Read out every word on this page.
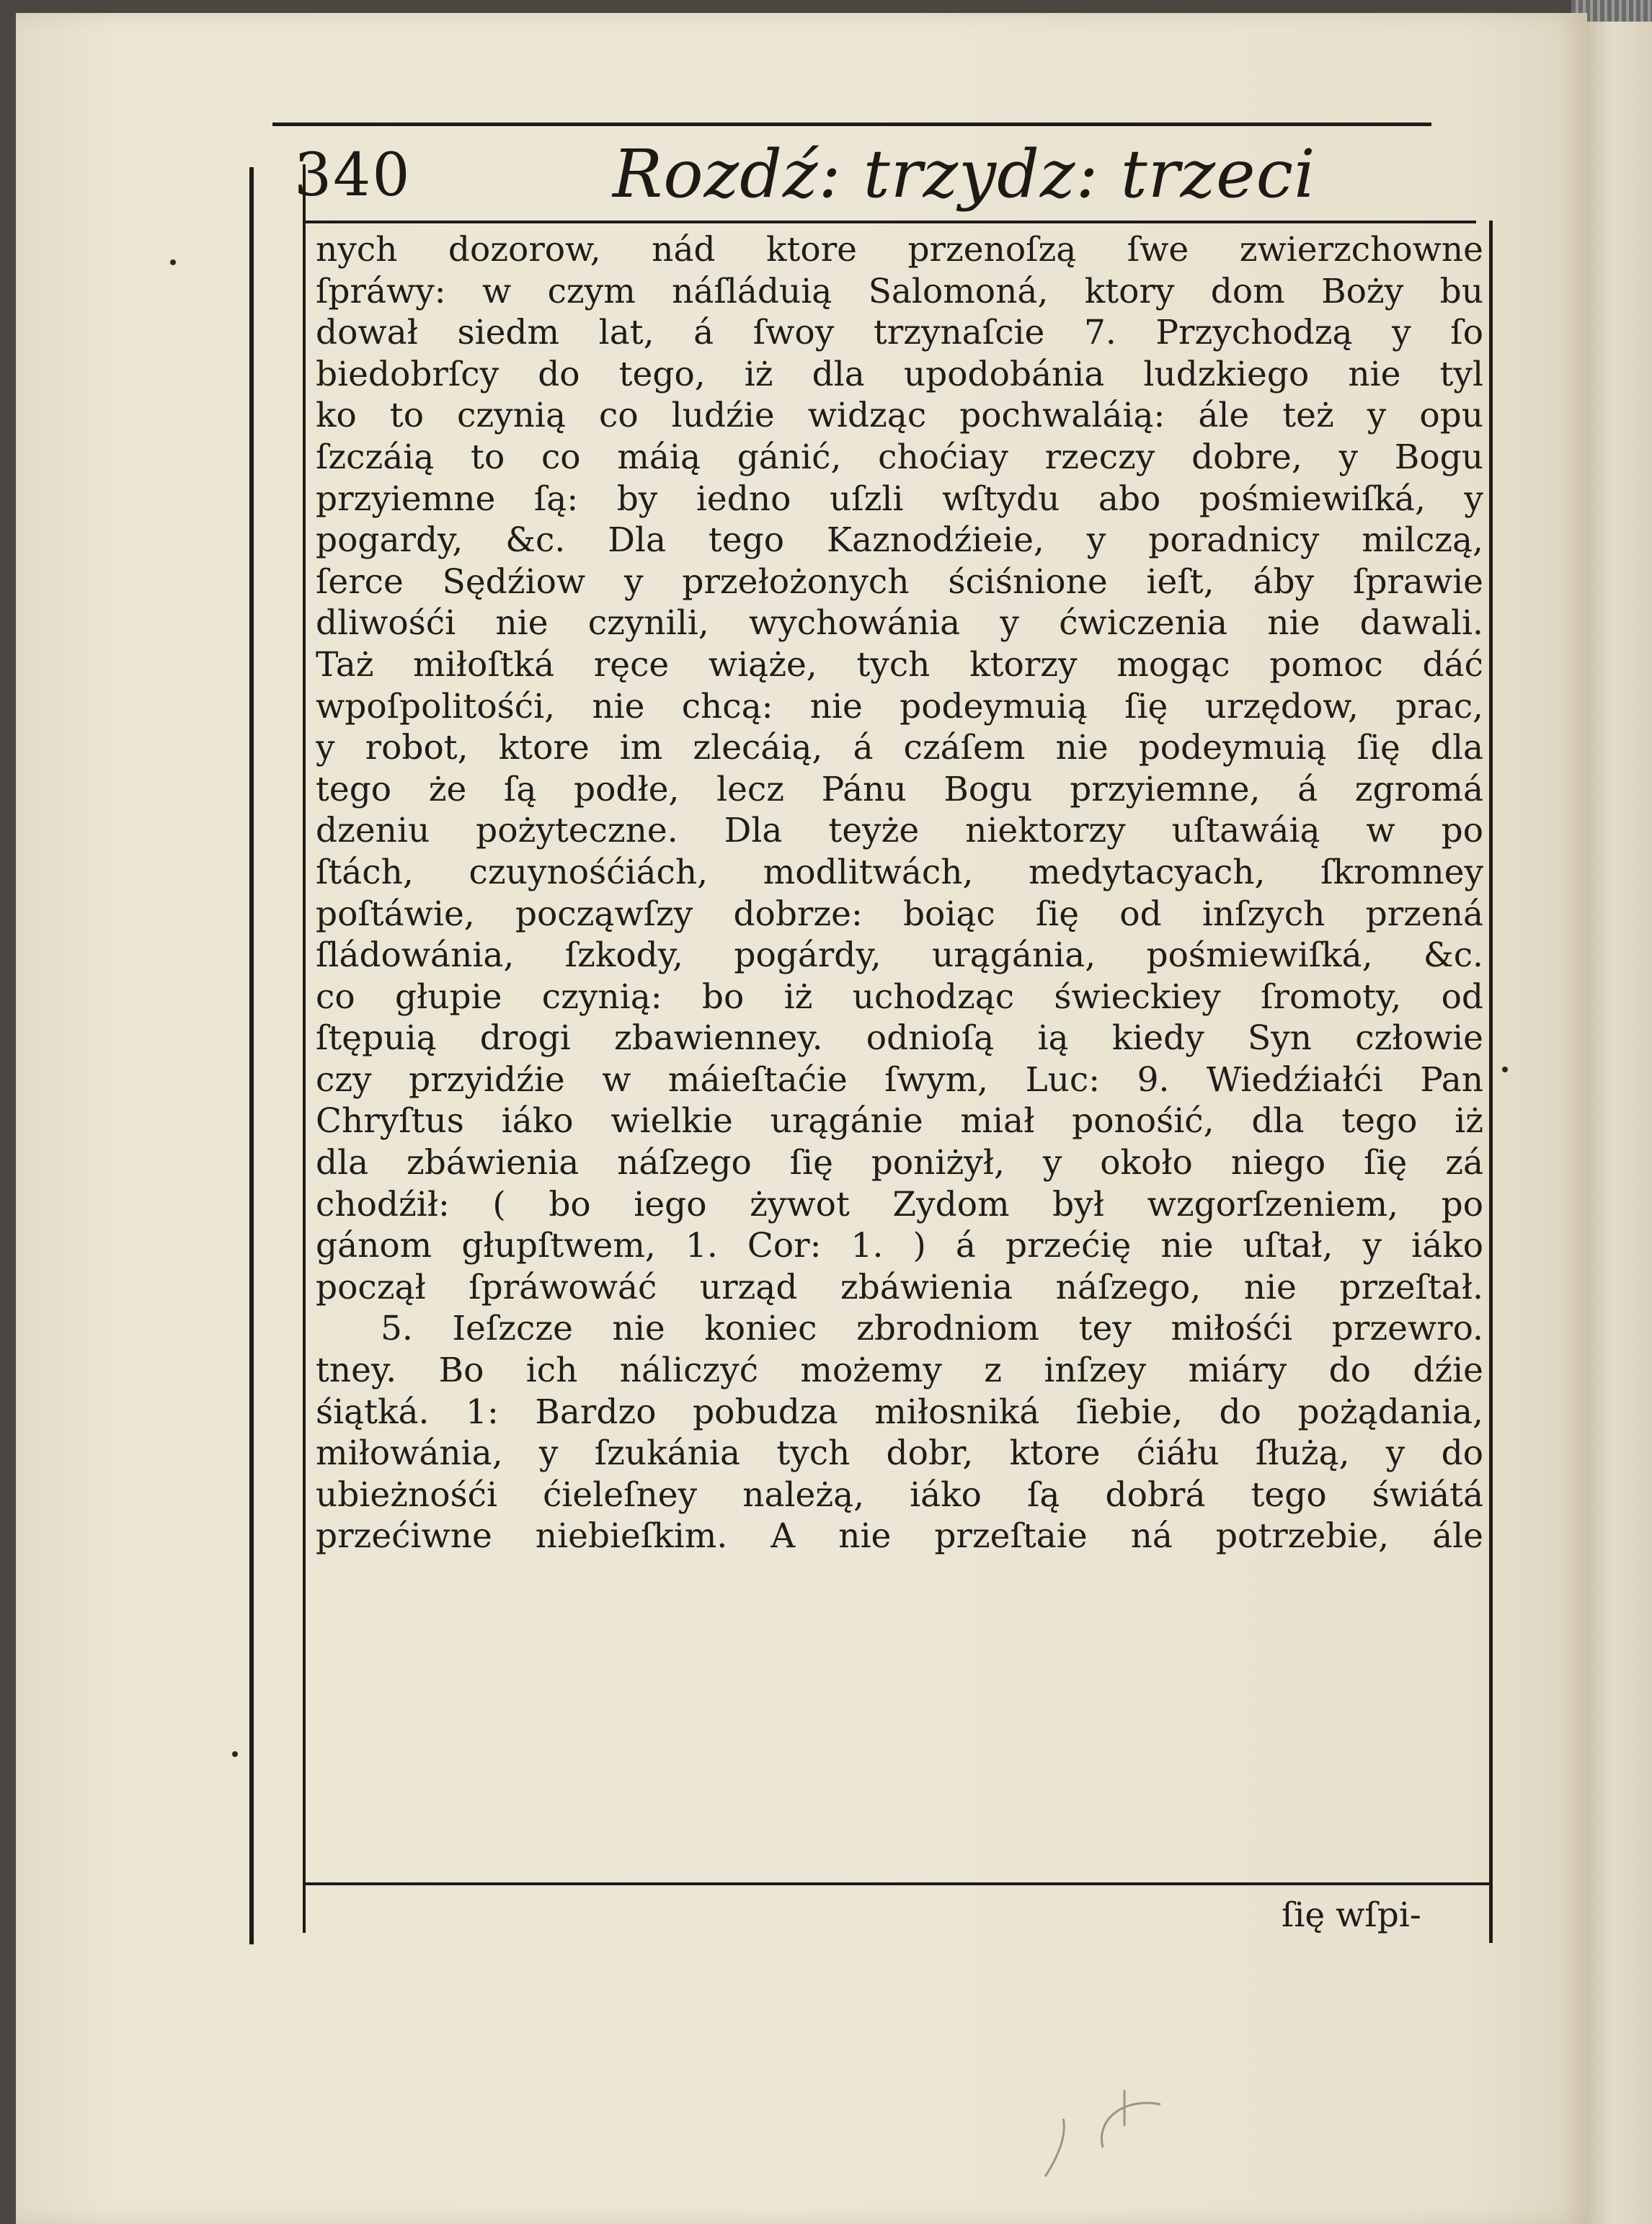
340	Rozdź: trzydz: trzeci
nych dozorow, nád ktore przenoſzą ſwe zwierzchowne
ſpráwy: w czym náſláduią Salomoná, ktory dom Boży bu
dował siedm lat, á ſwoy trzynaſcie 7. Przychodzą y ſo
biedobrſcy do tego, iż dla upodobánia ludzkiego nie tyl
ko to czynią co ludźie widząc pochwaláią: ále też y opu
ſzczáią to co máią gánić, choćiay rzeczy dobre, y Bogu
przyiemne ſą: by iedno uſzli wſtydu abo pośmiewiſká, y
pogardy, &c. Dla tego Kaznodźieie, y poradnicy milczą,
ſerce Sędźiow y przełożonych ściśnione ieſt, áby ſprawie
dliwośći nie czynili, wychowánia y ćwiczenia nie dawali.
Taż miłoſtká ręce wiąże, tych ktorzy mogąc pomoc dáć
wpoſpolitośći, nie chcą: nie podeymuią ſię urzędow, prac,
y robot, ktore im zlecáią, á czáſem nie podeymuią ſię dla
tego że ſą podłe, lecz Pánu Bogu przyiemne, á zgromá
dzeniu pożyteczne. Dla teyże niektorzy uſtawáią w po
ſtách, czuynośćiách, modlitwách, medytacyach, ſkromney
poſtáwie, począwſzy dobrze: boiąc ſię od inſzych przená
ſládowánia, ſzkody, pogárdy, urągánia, pośmiewiſká, &c.
co głupie czynią: bo iż uchodząc świeckiey ſromoty, od
ſtępuią drogi zbawienney. odnioſą ią kiedy Syn człowie
czy przyidźie w máieſtaćie ſwym, Luc: 9. Wiedźiałći Pan
Chryſtus iáko wielkie urągánie miał ponośić, dla tego iż
dla zbáwienia náſzego ſię poniżył, y około niego ſię zá
chodźił: ( bo iego żywot Zydom był wzgorſzeniem, po
gánom głupſtwem, 1. Cor: 1. ) á przećię nie uſtał, y iáko
począł ſpráwowáć urząd zbáwienia náſzego, nie przeſtał.
5. Ieſzcze nie koniec zbrodniom tey miłośći przewro.
tney. Bo ich náliczyć możemy z inſzey miáry do dźie
śiątká. 1: Bardzo pobudza miłosniká ſiebie, do pożądania,
miłowánia, y ſzukánia tych dobr, ktore ćiáłu ſłużą, y do
ubieżnośći ćieleſney należą, iáko ſą dobrá tego świátá
przećiwne niebieſkim. A nie przeſtaie ná potrzebie, ále
ſię wſpi-
